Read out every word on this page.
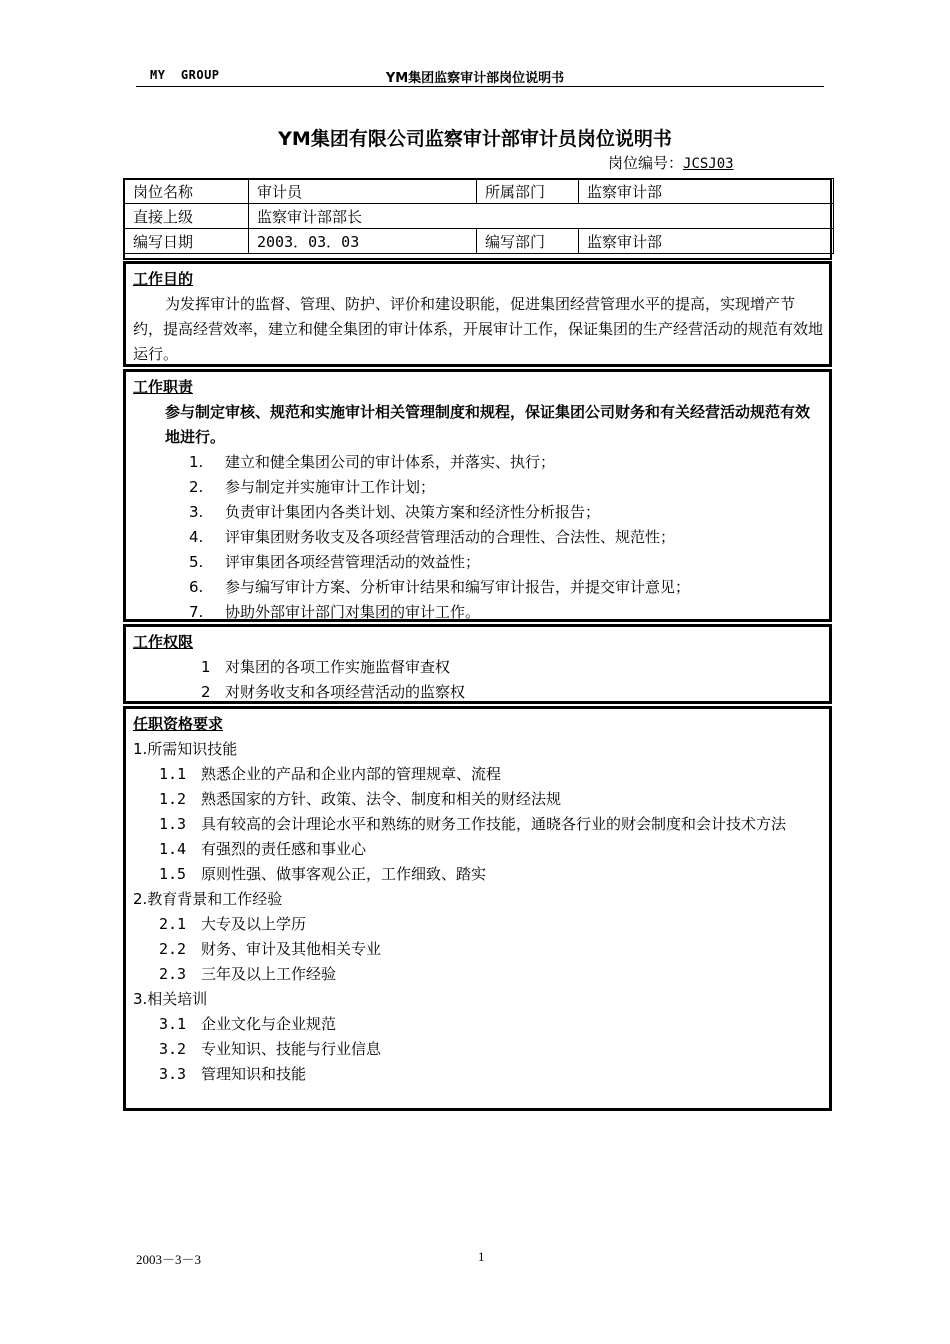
MY  GROUP	YM集团监察审计部岗位说明书
YM集团有限公司监察审计部审计员岗位说明书
岗位编号：JCSJ03
岗位名称	审计员	所属部门	监察审计部
直接上级	监察审计部部长		
编写日期	2003．03．03	编写部门	监察审计部
工作目的
为发挥审计的监督、管理、防护、评价和建设职能，促进集团经营管理水平的提高，实现增产节约，提高经营效率，建立和健全集团的审计体系，开展审计工作，保证集团的生产经营活动的规范有效地运行。
工作职责
参与制定审核、规范和实施审计相关管理制度和规程，保证集团公司财务和有关经营活动规范有效地进行。
1. 建立和健全集团公司的审计体系，并落实、执行；
2. 参与制定并实施审计工作计划；
3. 负责审计集团内各类计划、决策方案和经济性分析报告；
4. 评审集团财务收支及各项经营管理活动的合理性、合法性、规范性；
5. 评审集团各项经营管理活动的效益性；
6. 参与编写审计方案、分析审计结果和编写审计报告，并提交审计意见；
7. 协助外部审计部门对集团的审计工作。
工作权限
1 对集团的各项工作实施监督审查权
2 对财务收支和各项经营活动的监察权
任职资格要求
1.所需知识技能
1.1 熟悉企业的产品和企业内部的管理规章、流程
1.2 熟悉国家的方针、政策、法令、制度和相关的财经法规
1.3 具有较高的会计理论水平和熟练的财务工作技能，通晓各行业的财会制度和会计技术方法
1.4 有强烈的责任感和事业心
1.5 原则性强、做事客观公正，工作细致、踏实
2.教育背景和工作经验
2.1 大专及以上学历
2.2 财务、审计及其他相关专业
2.3 三年及以上工作经验
3.相关培训
3.1 企业文化与企业规范
3.2 专业知识、技能与行业信息
3.3 管理知识和技能
2003－3－3	1
